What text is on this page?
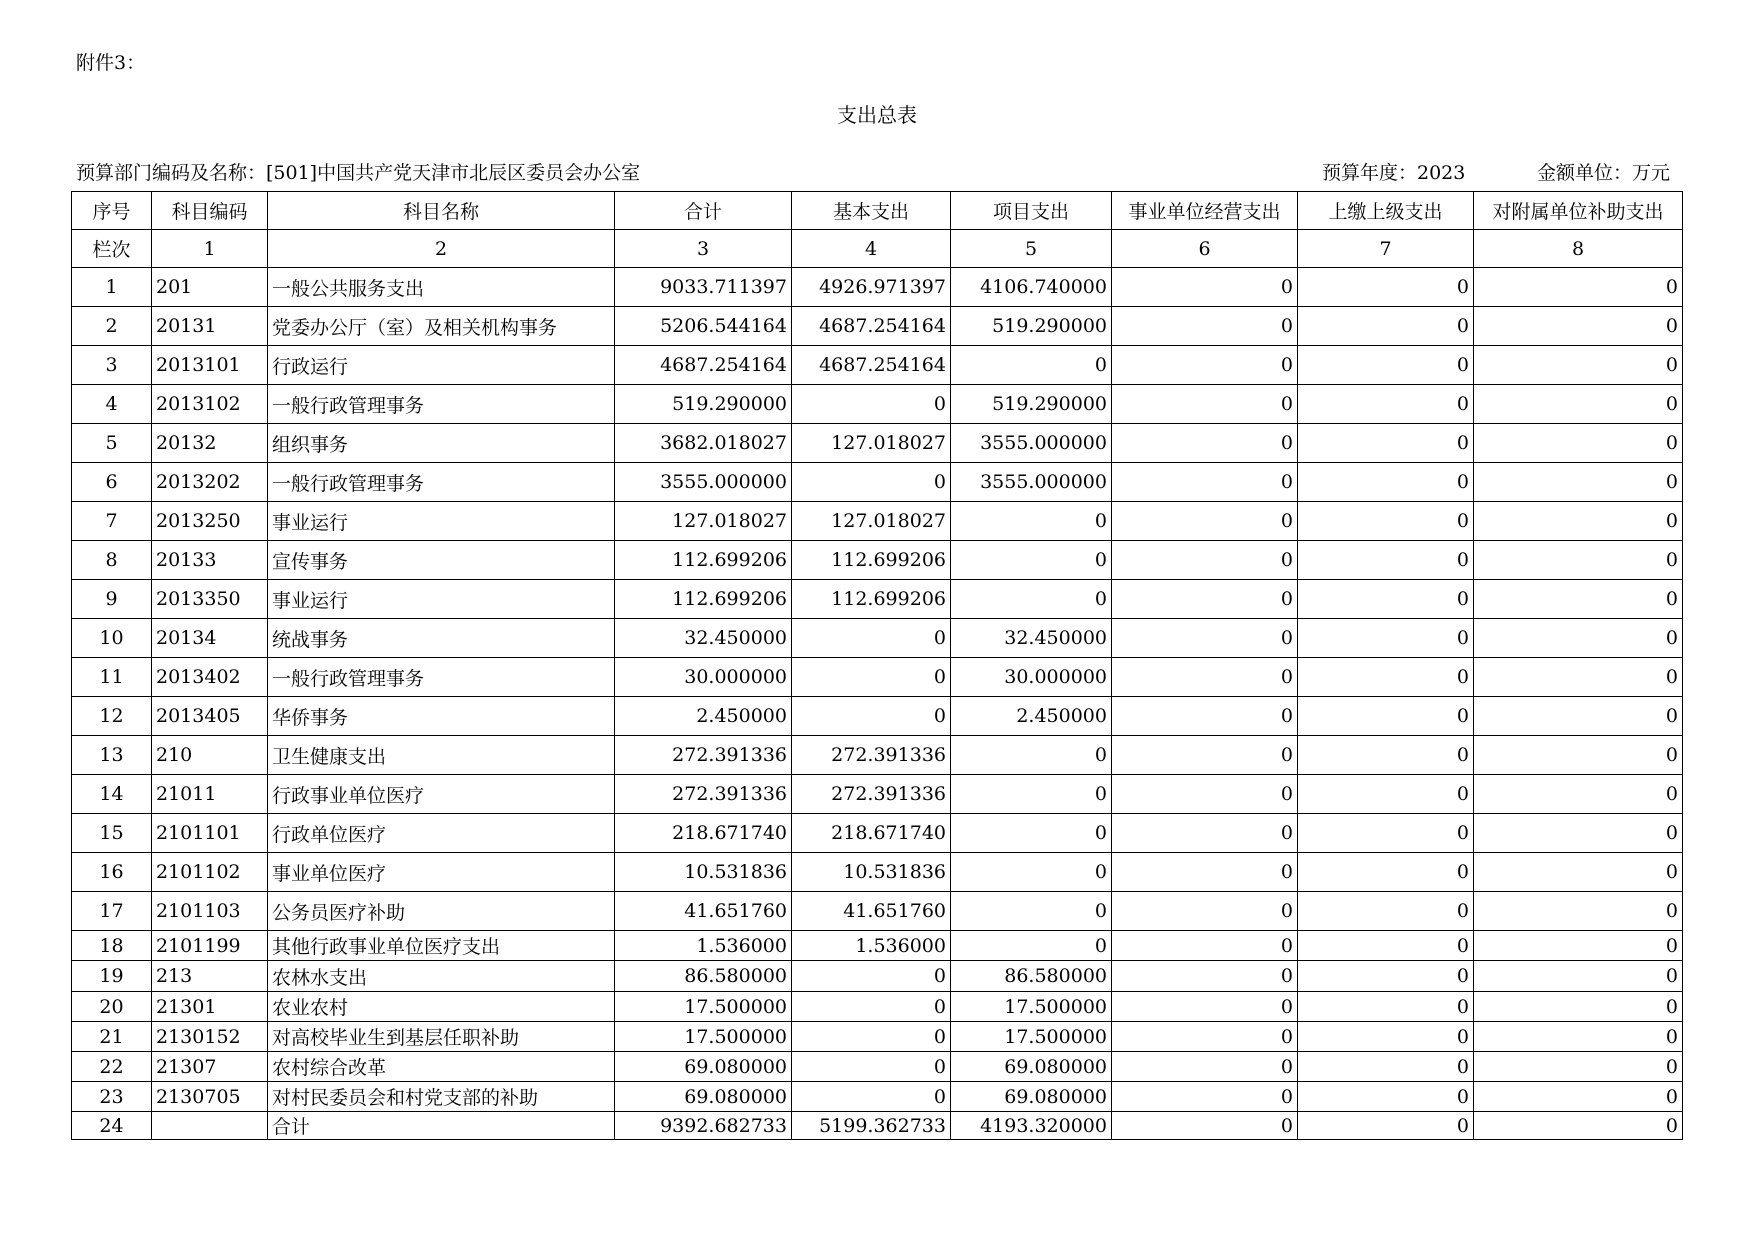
附件3：
支出总表
预算部门编码及名称：[501]中国共产党天津市北辰区委员会办公室	预算年度：2023	金额单位：万元
序号	科目编码	科目名称	合计	基本支出	项目支出	事业单位经营支出	上缴上级支出	对附属单位补助支出
栏次	1	2	3	4	5	6	7	8
1	201	一般公共服务支出	9033.711397	4926.971397	4106.740000	0	0	0
2	20131	党委办公厅（室）及相关机构事务	5206.544164	4687.254164	519.290000	0	0	0
3	2013101	行政运行	4687.254164	4687.254164	0	0	0	0
4	2013102	一般行政管理事务	519.290000	0	519.290000	0	0	0
5	20132	组织事务	3682.018027	127.018027	3555.000000	0	0	0
6	2013202	一般行政管理事务	3555.000000	0	3555.000000	0	0	0
7	2013250	事业运行	127.018027	127.018027	0	0	0	0
8	20133	宣传事务	112.699206	112.699206	0	0	0	0
9	2013350	事业运行	112.699206	112.699206	0	0	0	0
10	20134	统战事务	32.450000	0	32.450000	0	0	0
11	2013402	一般行政管理事务	30.000000	0	30.000000	0	0	0
12	2013405	华侨事务	2.450000	0	2.450000	0	0	0
13	210	卫生健康支出	272.391336	272.391336	0	0	0	0
14	21011	行政事业单位医疗	272.391336	272.391336	0	0	0	0
15	2101101	行政单位医疗	218.671740	218.671740	0	0	0	0
16	2101102	事业单位医疗	10.531836	10.531836	0	0	0	0
17	2101103	公务员医疗补助	41.651760	41.651760	0	0	0	0
18	2101199	其他行政事业单位医疗支出	1.536000	1.536000	0	0	0	0
19	213	农林水支出	86.580000	0	86.580000	0	0	0
20	21301	农业农村	17.500000	0	17.500000	0	0	0
21	2130152	对高校毕业生到基层任职补助	17.500000	0	17.500000	0	0	0
22	21307	农村综合改革	69.080000	0	69.080000	0	0	0
23	2130705	对村民委员会和村党支部的补助	69.080000	0	69.080000	0	0	0
24		合计	9392.682733	5199.362733	4193.320000	0	0	0
